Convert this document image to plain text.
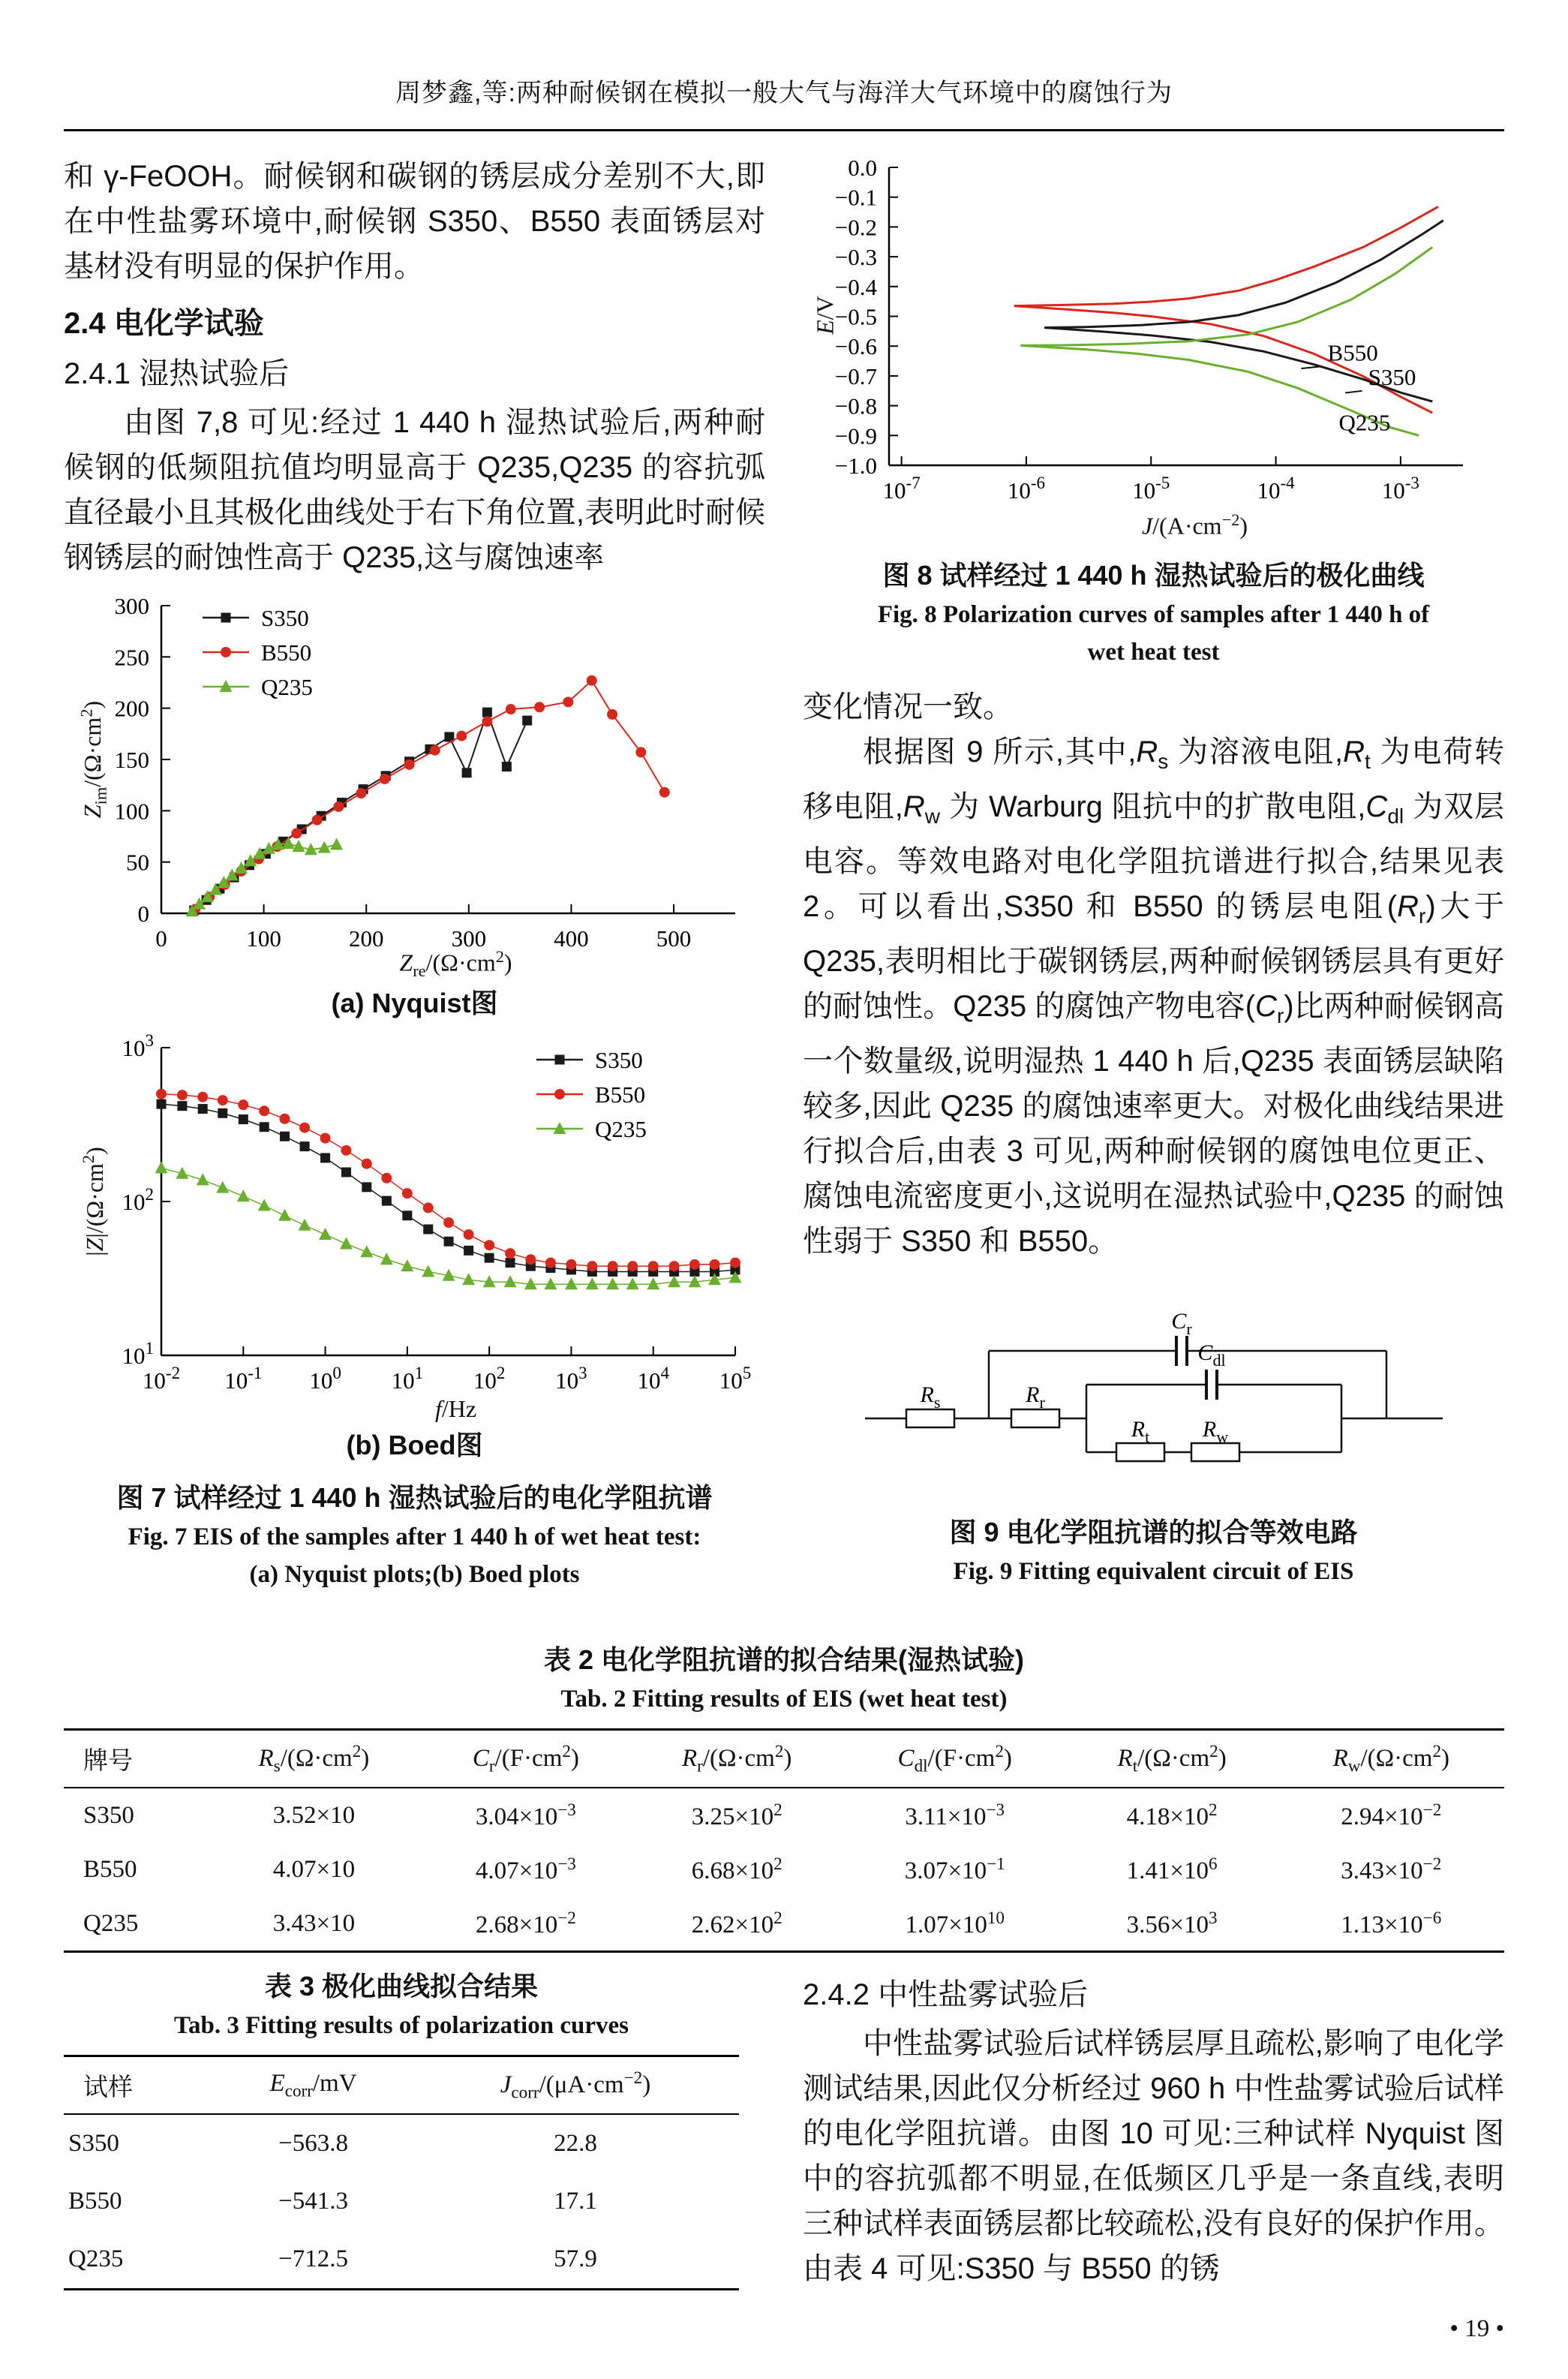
周梦鑫,等:两种耐候钢在模拟一般大气与海洋大气环境中的腐蚀行为
和 γ-FeOOH。耐候钢和碳钢的锈层成分差别不大,即在中性盐雾环境中,耐候钢 S350、B550 表面锈层对基材没有明显的保护作用。
2.4 电化学试验
2.4.1 湿热试验后
由图 7,8 可见:经过 1 440 h 湿热试验后,两种耐候钢的低频阻抗值均明显高于 Q235,Q235 的容抗弧直径最小且其极化曲线处于右下角位置,表明此时耐候钢锈层的耐蚀性高于 Q235,这与腐蚀速率
$Z_{im}/(\Omega\cdot cm^2)$
$Z_{re}/(\Omega\cdot cm^2)$
0	100	200	300	400	500
0
50
100
150
200
250
300	S350
B550
Q235
(a) Nyquist图
$|Z|/(\Omega\cdot cm^2)$
f/Hz
$10^{-2}$ $10^{-1}$ $10^0$ $10^1$ $10^2$ $10^3$ $10^4$ $10^5$
$10^1$
$10^2$
$10^3$
S350
B550
Q235
(b) Boed图
图 7 试样经过 1 440 h 湿热试验后的电化学阻抗谱
Fig. 7 EIS of the samples after 1 440 h of wet heat test:
(a) Nyquist plots;(b) Boed plots
E/V
$J/(A\cdot cm^{-2})$
$10^{-7}$	$10^{-6}$	$10^{-5}$	$10^{-4}$	$10^{-3}$
0.0
−0.1
−0.2
−0.3
−0.4
−0.5
−0.6
−0.7
−0.8
−0.9
−1.0
B550
S350
Q235
图 8 试样经过 1 440 h 湿热试验后的极化曲线
Fig. 8 Polarization curves of samples after 1 440 h of
wet heat test
变化情况一致。
根据图 9 所示,其中$,R_s$ 为溶液电阻$,R_t$ 为电荷转移电阻$,R_w$ 为 Warburg 阻抗中的扩散电阻$,C_{dl}$ 为双层电容。等效电路对电化学阻抗谱进行拟合,结果见表 2。可以看出,S350 和 B550 的锈层电阻$(R_r)$大于 Q235,表明相比于碳钢锈层,两种耐候钢锈层具有更好的耐蚀性。Q235 的腐蚀产物电容$(C_r)$比两种耐候钢高一个数量级,说明湿热 1 440 h 后,Q235 表面锈层缺陷较多,因此 Q235 的腐蚀速率更大。对极化曲线结果进行拟合后,由表 3 可见,两种耐候钢的腐蚀电位更正、腐蚀电流密度更小,这说明在湿热试验中,Q235 的耐蚀性弱于 S350 和 B550。
$R_s$
$C_r$
$R_r$
$C_{dl}$
$R_t$ $R_w$
图 9 电化学阻抗谱的拟合等效电路
Fig. 9 Fitting equivalent circuit of EIS
表 2 电化学阻抗谱的拟合结果(湿热试验)
Tab. 2 Fitting results of EIS (wet heat test)
牌号	$R_s/(\Omega\cdot cm^2)$	$C_r/(F\cdot cm^2)$	$R_r/(\Omega\cdot cm^2)$	$C_{dl}/(F\cdot cm^2)$	$R_t/(\Omega\cdot cm^2)$	$R_w/(\Omega\cdot cm^2)$
S350	3.52×10	$3.04\times 10^{-3}$	$3.25\times 10^2$	$3.11\times 10^{-3}$	$4.18\times 10^2$	$2.94\times 10^{-2}$
B550	4.07×10	$4.07\times 10^{-3}$	$6.68\times 10^2$	$3.07\times 10^{-1}$	$1.41\times 10^6$	$3.43\times 10^{-2}$
Q235	3.43×10	$2.68\times 10^{-2}$	$2.62\times 10^2$	$1.07\times 10^{10}$	$3.56\times 10^3$	$1.13\times 10^{-6}$
表 3 极化曲线拟合结果
Tab. 3 Fitting results of polarization curves
试样	$E_{corr}/mV$	$J_{corr}/(\mu A\cdot cm^{-2})$
S350	−563.8	22.8
B550	−541.3	17.1
Q235	−712.5	57.9
2.4.2 中性盐雾试验后
中性盐雾试验后试样锈层厚且疏松,影响了电化学测试结果,因此仅分析经过 960 h 中性盐雾试验后试样的电化学阻抗谱。由图 10 可见:三种试样 Nyquist 图中的容抗弧都不明显,在低频区几乎是一条直线,表明三种试样表面锈层都比较疏松,没有良好的保护作用。由表 4 可见:S350 与 B550 的锈
• 19 •
